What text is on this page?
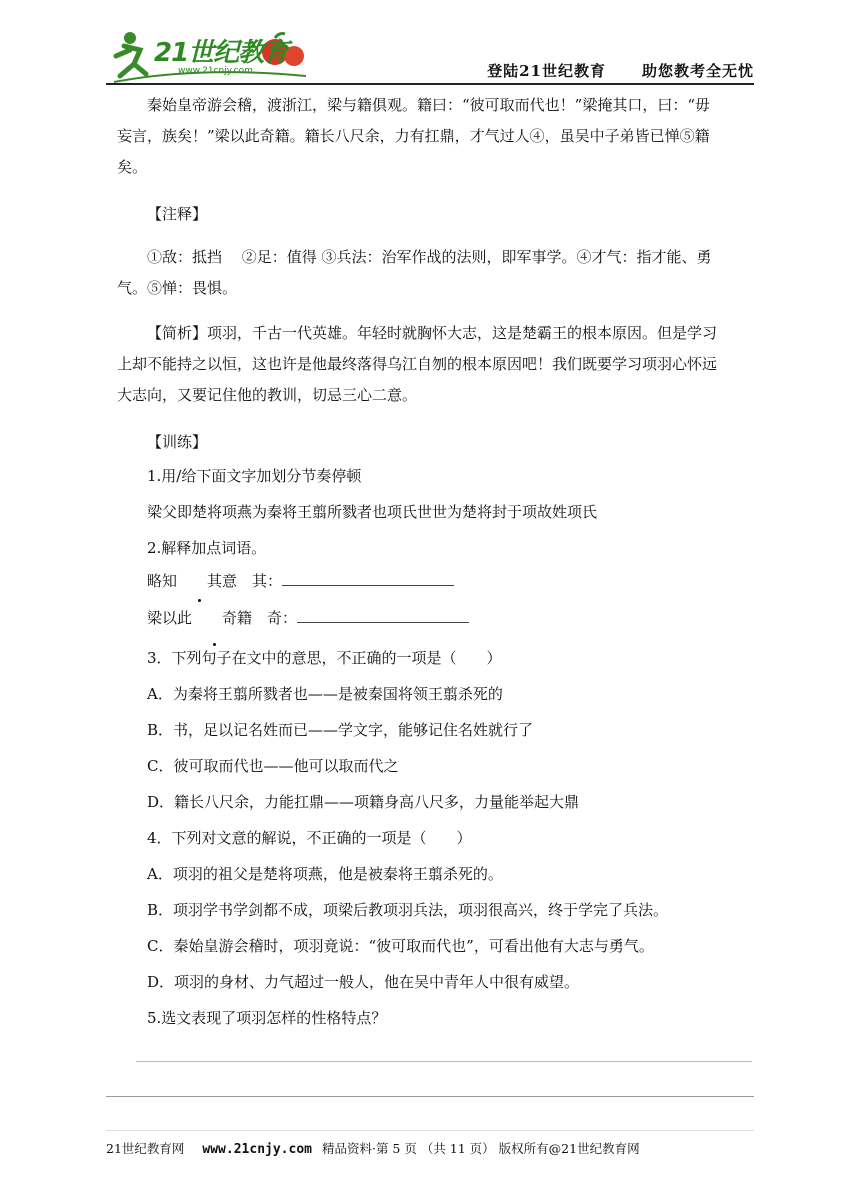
21世纪教育
www.21cnjy.com	登陆21世纪教育 助您教考全无忧

秦始皇帝游会稽，渡浙江，梁与籍俱观。籍曰：“彼可取而代也！”梁掩其口，曰：“毋

妄言，族矣！”梁以此奇籍。籍长八尺余，力有扛鼎，才气过人④，虽吴中子弟皆已惮⑤籍

矣。

【注释】

①敌：抵挡　 ②足：值得 ③兵法：治军作战的法则，即军事学。④才气：指才能、勇

气。⑤惮：畏惧。

【简析】项羽，千古一代英雄。年轻时就胸怀大志，这是楚霸王的根本原因。但是学习

上却不能持之以恒，这也许是他最终落得乌江自刎的根本原因吧！我们既要学习项羽心怀远

大志向，又要记住他的教训，切忌三心二意。

【训练】

1.用/给下面文字加划分节奏停顿

梁父即楚将项燕为秦将王翦所戮者也项氏世世为楚将封于项故姓项氏

2.解释加点词语。

略知 其意　其：

梁以此 奇籍　奇：

3．下列句子在文中的意思，不正确的一项是（　　）

A．为秦将王翦所戮者也——是被秦国将领王翦杀死的

B．书，足以记名姓而已——学文字，能够记住名姓就行了

C．彼可取而代也——他可以取而代之

D．籍长八尺余，力能扛鼎——项籍身高八尺多，力量能举起大鼎

4．下列对文意的解说，不正确的一项是（　　）

A．项羽的祖父是楚将项燕，他是被秦将王翦杀死的。

B．项羽学书学剑都不成，项梁后教项羽兵法，项羽很高兴，终于学完了兵法。

C．秦始皇游会稽时，项羽竟说：“彼可取而代也”，可看出他有大志与勇气。

D．项羽的身材、力气超过一般人，他在吴中青年人中很有威望。

5.选文表现了项羽怎样的性格特点？

21世纪教育网 www.21cnjy.com 精品资料·第 5 页 （共 11 页） 版权所有@21世纪教育网
